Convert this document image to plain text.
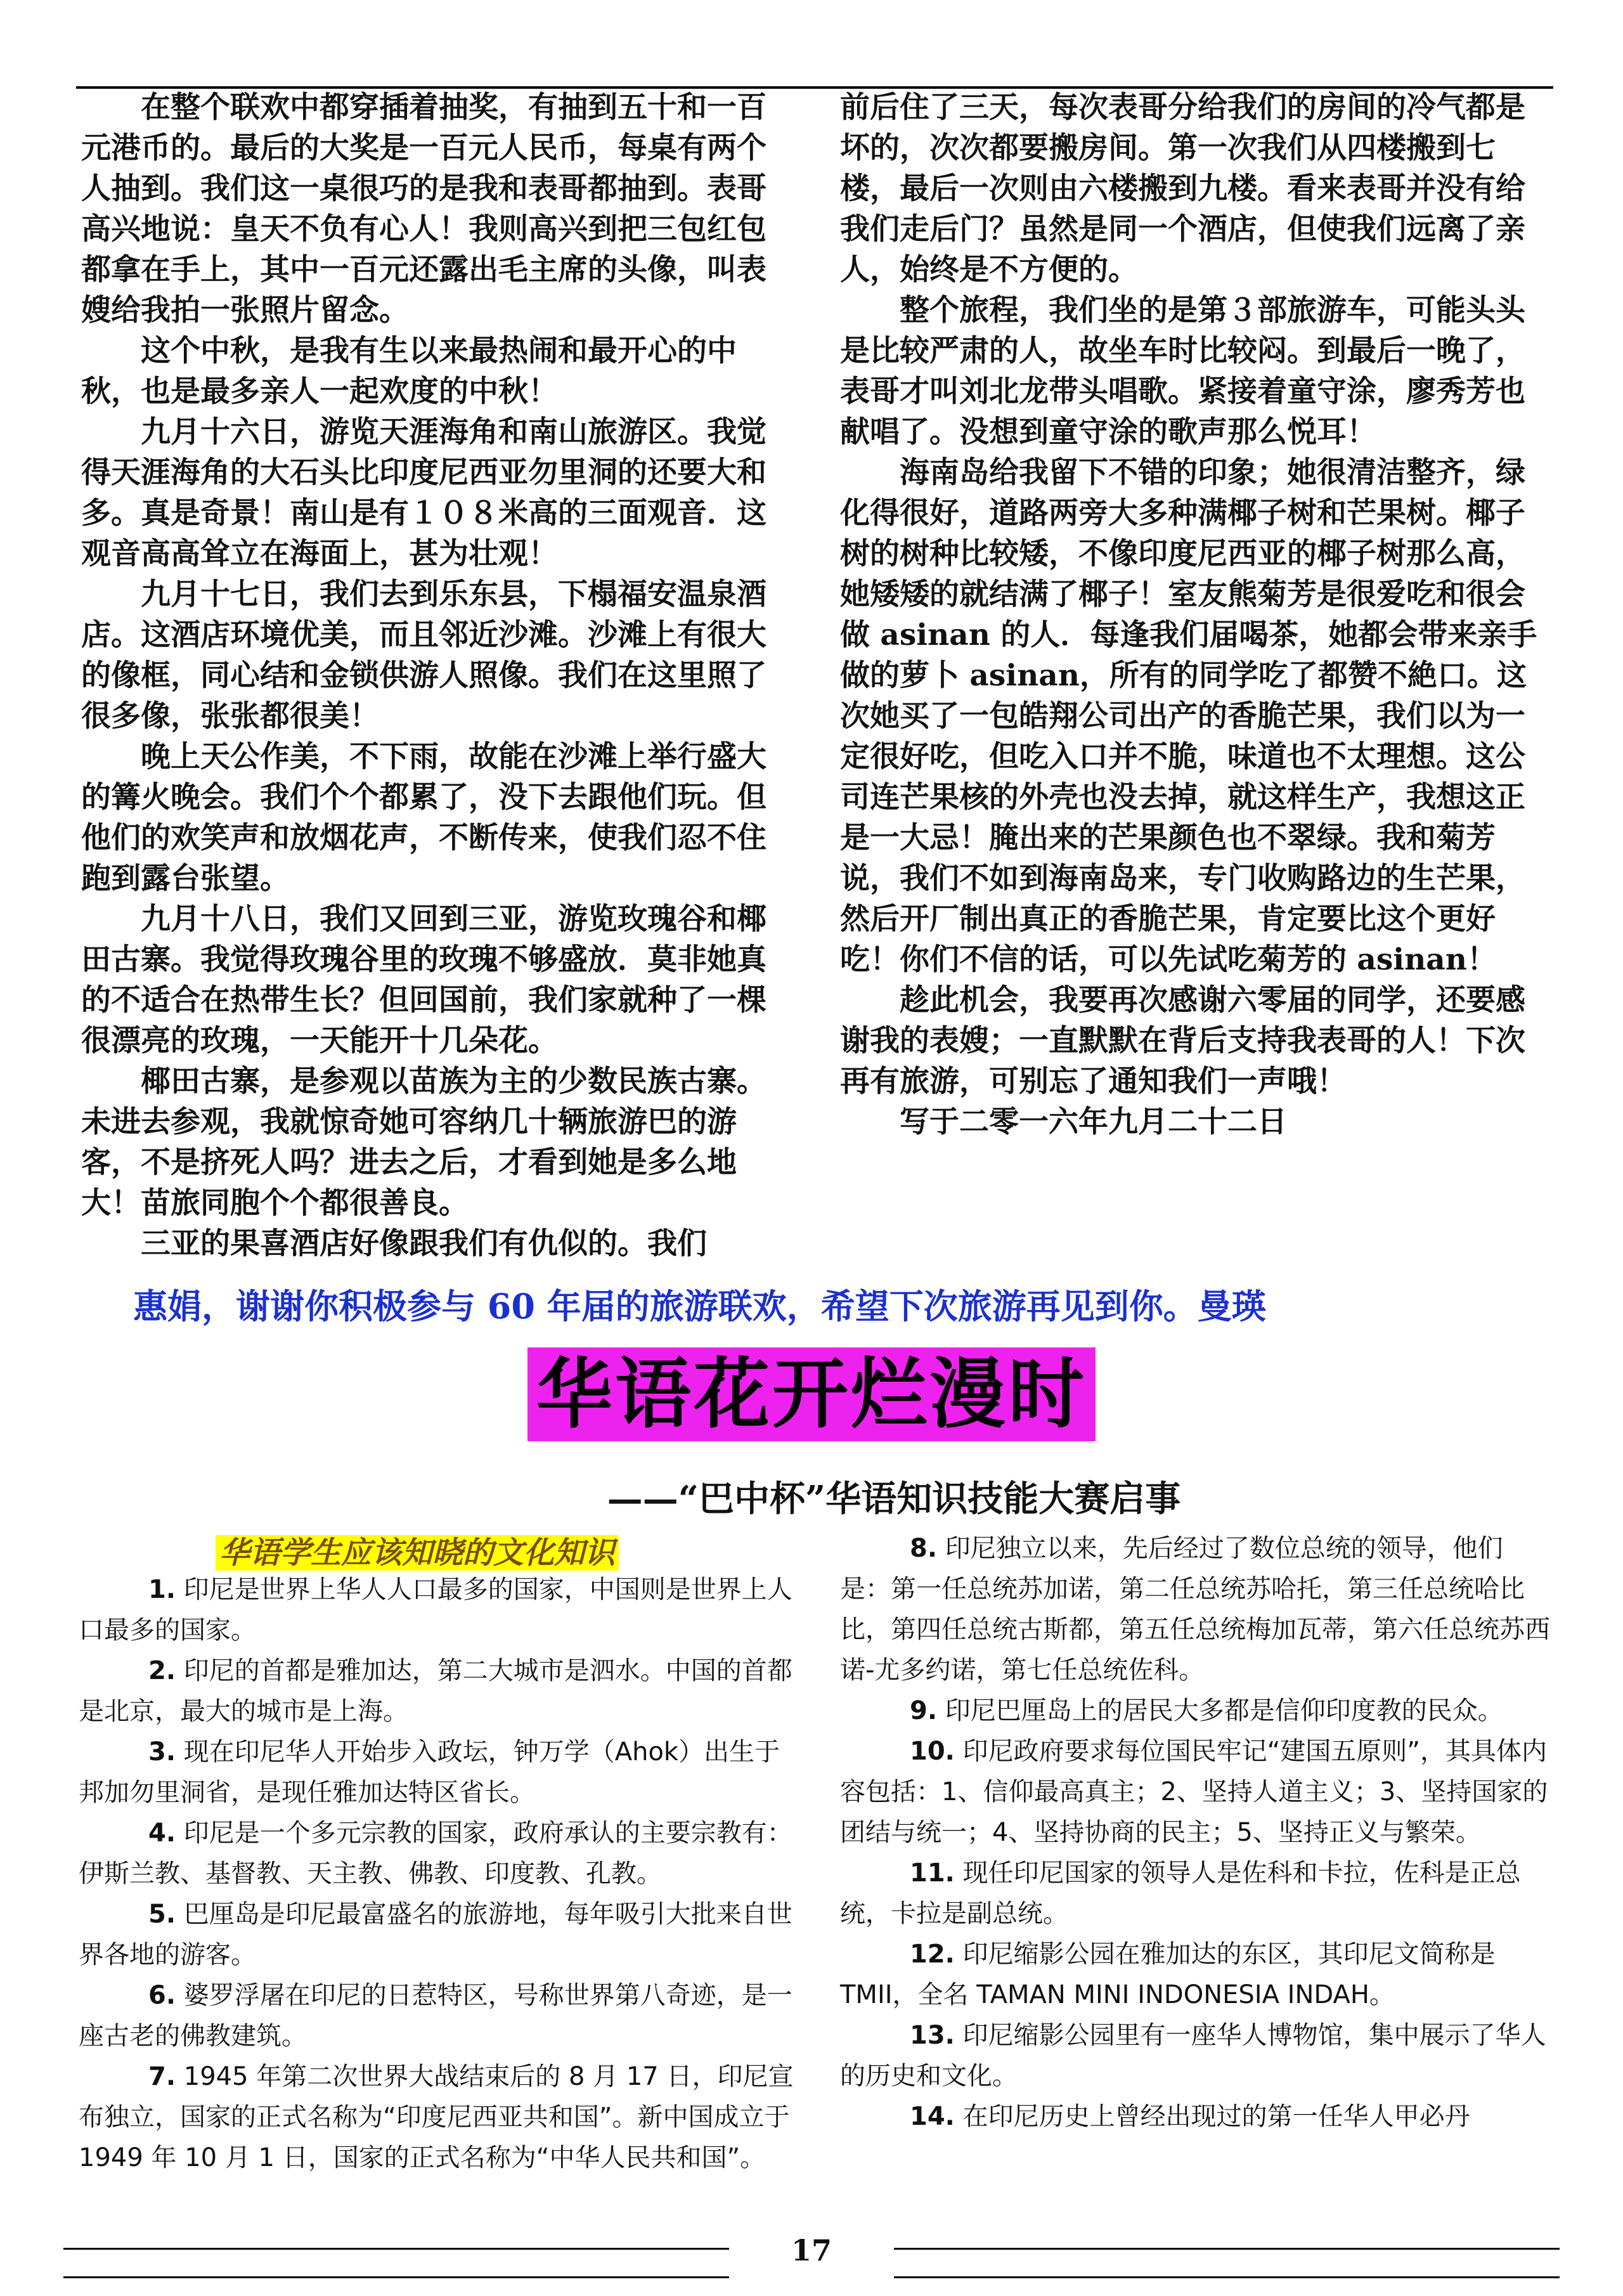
在整个联欢中都穿插着抽奖，有抽到五十和一百元港币的。最后的大奖是一百元人民币，每桌有两个人抽到。我们这一桌很巧的是我和表哥都抽到。表哥高兴地说：皇天不负有心人！我则高兴到把三包红包都拿在手上，其中一百元还露出毛主席的头像，叫表嫂给我拍一张照片留念。

这个中秋，是我有生以来最热闹和最开心的中秋，也是最多亲人一起欢度的中秋！

九月十六日，游览天涯海角和南山旅游区。我觉得天涯海角的大石头比印度尼西亚勿里洞的还要大和多。真是奇景！南山是有１０８米高的三面观音．这观音高高耸立在海面上，甚为壮观！

九月十七日，我们去到乐东县，下榻福安温泉酒店。这酒店环境优美，而且邻近沙滩。沙滩上有很大的像框，同心结和金锁供游人照像。我们在这里照了很多像，张张都很美！

晚上天公作美，不下雨，故能在沙滩上举行盛大的篝火晚会。我们个个都累了，没下去跟他们玩。但他们的欢笑声和放烟花声，不断传来，使我们忍不住跑到露台张望。

九月十八日，我们又回到三亚，游览玫瑰谷和椰田古寨。我觉得玫瑰谷里的玫瑰不够盛放．莫非她真的不适合在热带生长？但回国前，我们家就种了一棵很漂亮的玫瑰，一天能开十几朵花。

椰田古寨，是参观以苗族为主的少数民族古寨。未进去参观，我就惊奇她可容纳几十辆旅游巴的游客，不是挤死人吗？进去之后，才看到她是多么地大！苗旅同胞个个都很善良。

三亚的果喜酒店好像跟我们有仇似的。我们

前后住了三天，每次表哥分给我们的房间的冷气都是坏的，次次都要搬房间。第一次我们从四楼搬到七楼，最后一次则由六楼搬到九楼。看来表哥并没有给我们走后门？虽然是同一个酒店，但使我们远离了亲人，始终是不方便的。

整个旅程，我们坐的是第３部旅游车，可能头头是比较严肃的人，故坐车时比较闷。到最后一晚了，表哥才叫刘北龙带头唱歌。紧接着童守涂，廖秀芳也献唱了。没想到童守涂的歌声那么悦耳！

海南岛给我留下不错的印象；她很清洁整齐，绿化得很好，道路两旁大多种满椰子树和芒果树。椰子树的树种比较矮，不像印度尼西亚的椰子树那么高，她矮矮的就结满了椰子！室友熊菊芳是很爱吃和很会做 asinan 的人．每逢我们届喝茶，她都会带来亲手做的萝卜 asinan，所有的同学吃了都赞不絶口。这次她买了一包皓翔公司出产的香脆芒果，我们以为一定很好吃，但吃入口并不脆，味道也不太理想。这公司连芒果核的外壳也没去掉，就这样生产，我想这正是一大忌！腌出来的芒果颜色也不翠绿。我和菊芳说，我们不如到海南岛来，专门收购路边的生芒果，然后开厂制出真正的香脆芒果，肯定要比这个更好吃！你们不信的话，可以先试吃菊芳的 asinan！

趁此机会，我要再次感谢六零届的同学，还要感谢我的表嫂；一直默默在背后支持我表哥的人！下次再有旅游，可别忘了通知我们一声哦！

写于二零一六年九月二十二日

惠娟，谢谢你积极参与 60 年届的旅游联欢，希望下次旅游再见到你。曼瑛
华语花开烂漫时
——“巴中杯”华语知识技能大赛启事
华语学生应该知晓的文化知识

1. 印尼是世界上华人人口最多的国家，中国则是世界上人口最多的国家。

2. 印尼的首都是雅加达，第二大城市是泗水。中国的首都是北京，最大的城市是上海。

3. 现在印尼华人开始步入政坛，钟万学（Ahok）出生于邦加勿里洞省，是现任雅加达特区省长。

4. 印尼是一个多元宗教的国家，政府承认的主要宗教有：伊斯兰教、基督教、天主教、佛教、印度教、孔教。

5. 巴厘岛是印尼最富盛名的旅游地，每年吸引大批来自世界各地的游客。

6. 婆罗浮屠在印尼的日惹特区，号称世界第八奇迹，是一座古老的佛教建筑。

7. 1945 年第二次世界大战结束后的 8 月 17 日，印尼宣布独立，国家的正式名称为“印度尼西亚共和国”。新中国成立于 1949 年 10 月 1 日，国家的正式名称为“中华人民共和国”。

8. 印尼独立以来，先后经过了数位总统的领导，他们是：第一任总统苏加诺，第二任总统苏哈托，第三任总统哈比比，第四任总统古斯都，第五任总统梅加瓦蒂，第六任总统苏西诺-尤多约诺，第七任总统佐科。

9. 印尼巴厘岛上的居民大多都是信仰印度教的民众。

10. 印尼政府要求每位国民牢记“建国五原则”，其具体内容包括：1、信仰最高真主；2、坚持人道主义；3、坚持国家的团结与统一；4、坚持协商的民主；5、坚持正义与繁荣。

11. 现任印尼国家的领导人是佐科和卡拉，佐科是正总统，卡拉是副总统。

12. 印尼缩影公园在雅加达的东区，其印尼文简称是 TMII，全名 TAMAN MINI INDONESIA INDAH。

13. 印尼缩影公园里有一座华人博物馆，集中展示了华人的历史和文化。

14. 在印尼历史上曾经出现过的第一任华人甲必丹

17
